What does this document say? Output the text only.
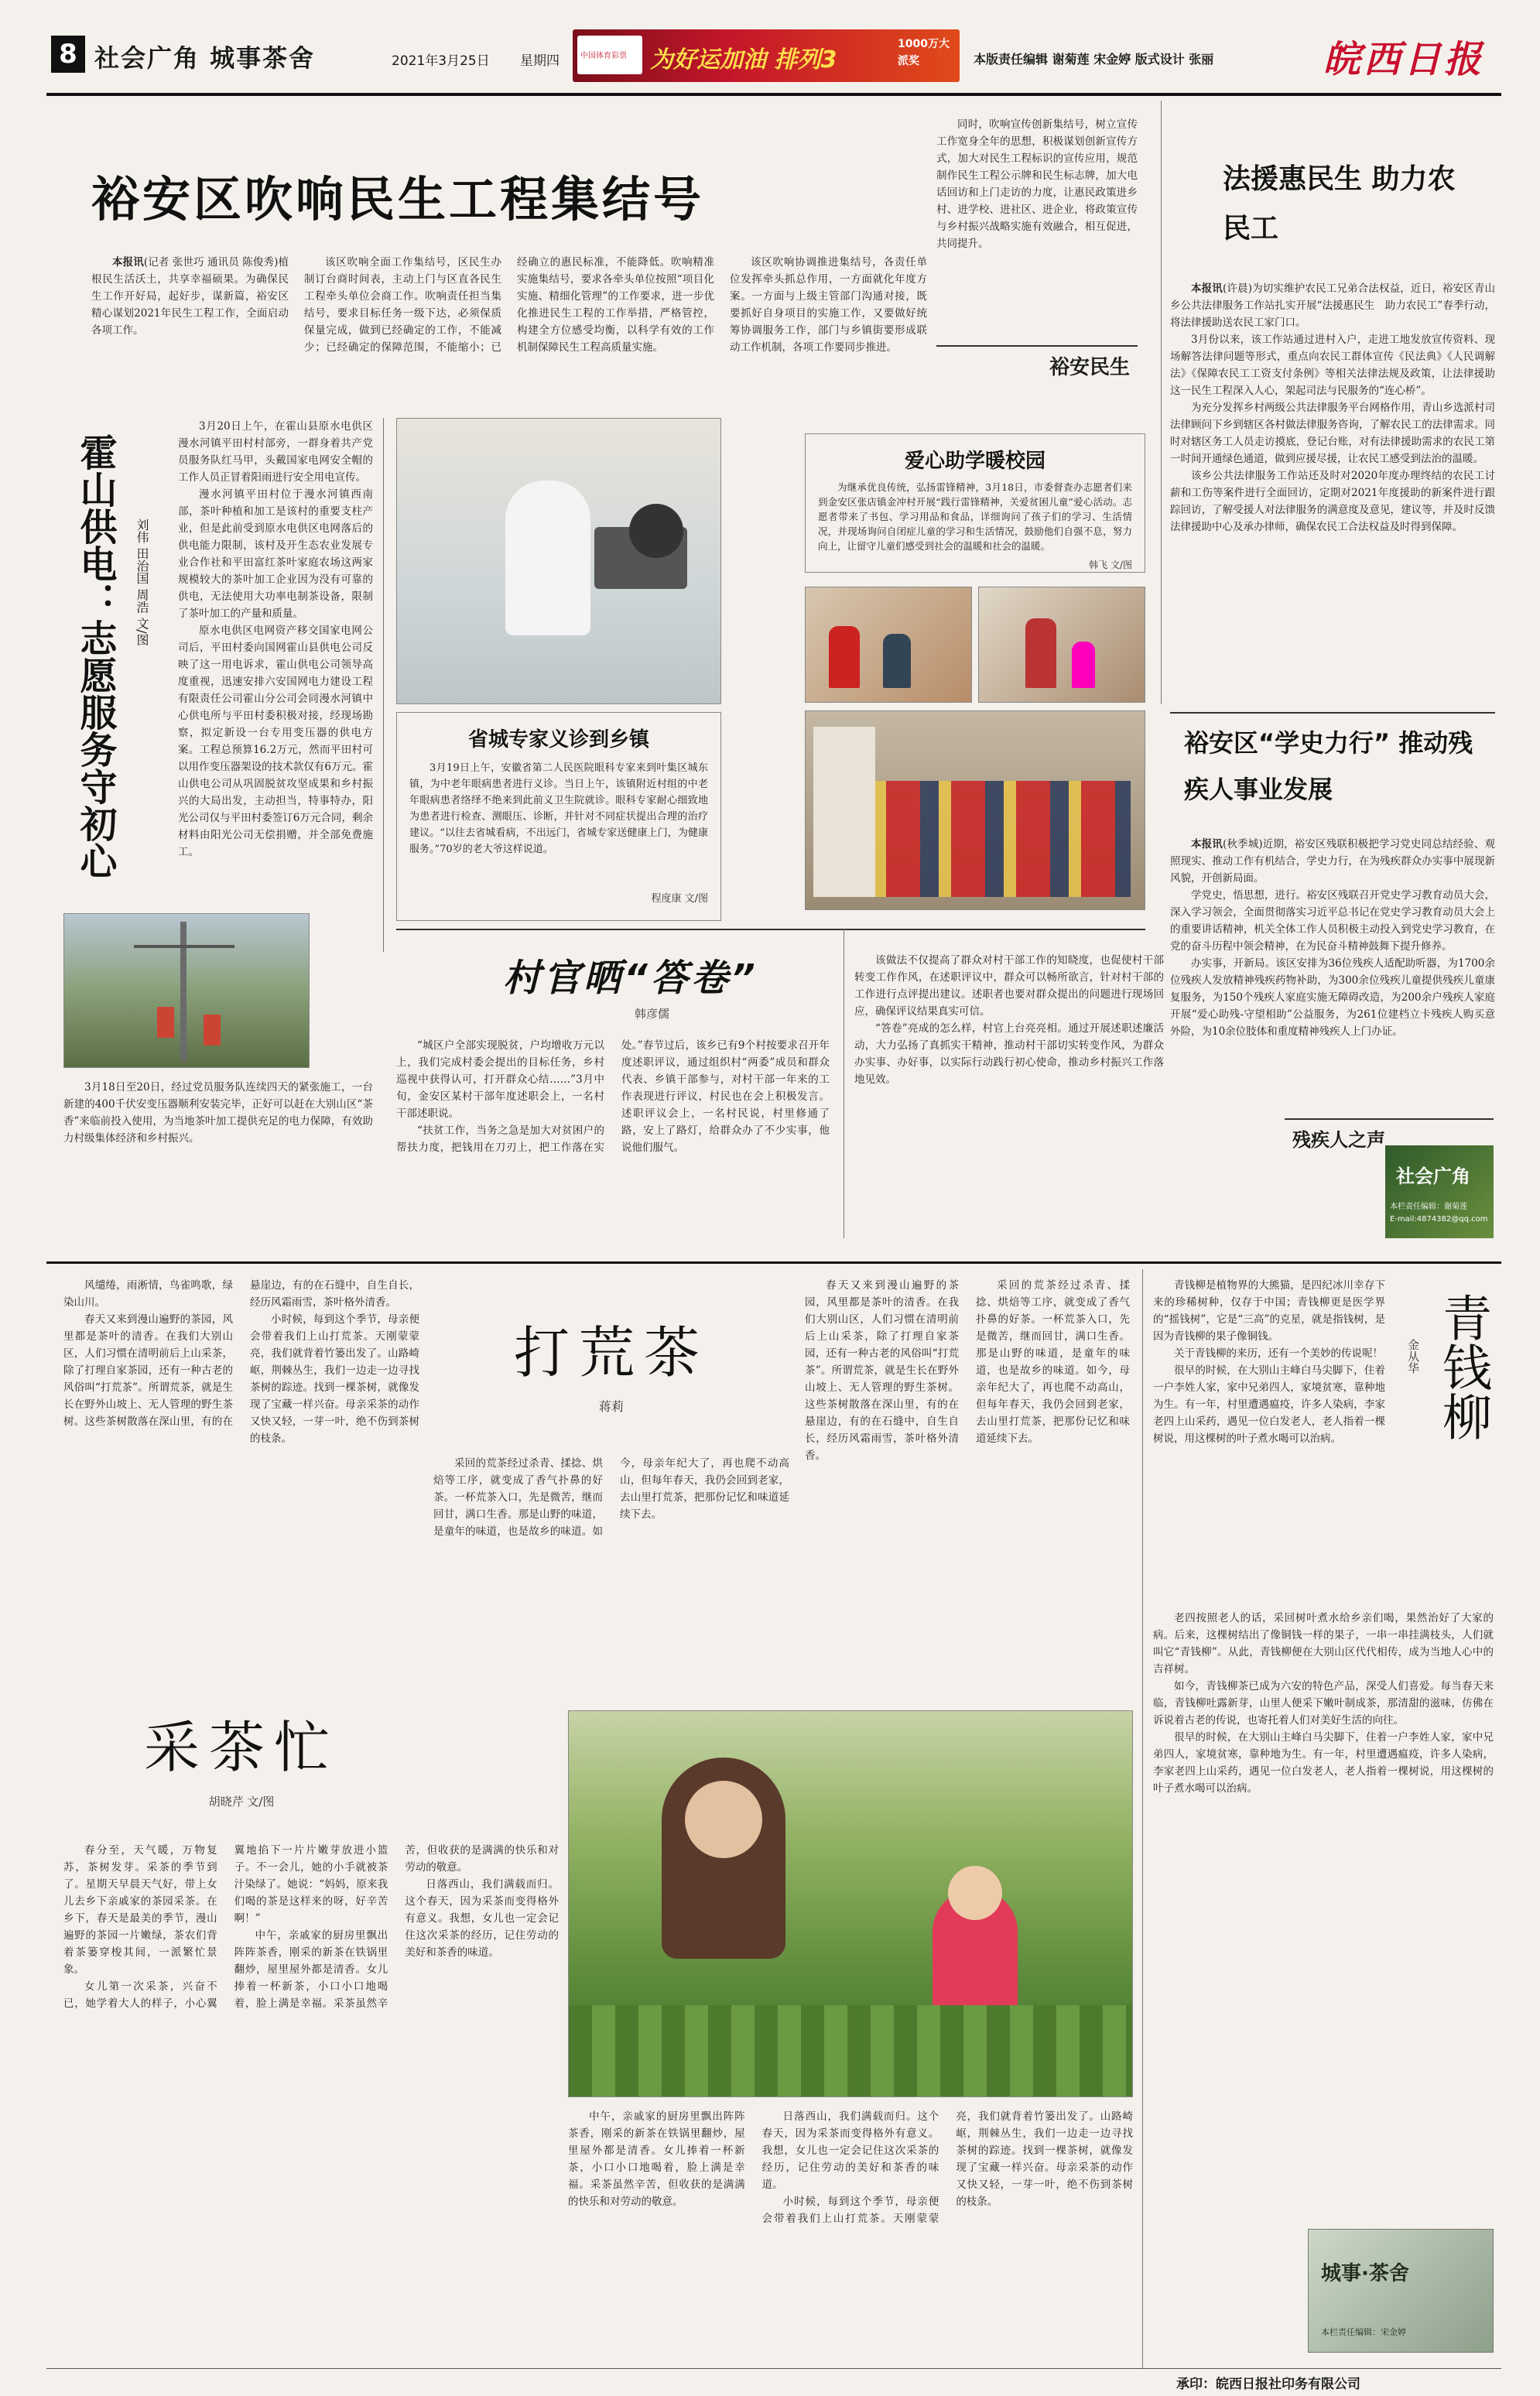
8 社会广角 城事茶舍	2021年3月25日 星期四	中国体育彩票 为好运加油 排列3
1000万大派奖	本版责任编辑 谢菊莲 宋金婷 版式设计 张丽	皖西日报
裕安区吹响民生工程集结号

本报讯(记者 张世巧 通讯员 陈俊秀)植根民生活沃土，共享幸福硕果。为确保民生工作开好局，起好步，谋新篇，裕安区精心谋划2021年民生工程工作，全面启动各项工作。

该区吹响全面工作集结号，区民生办制订台商时间表，主动上门与区直各民生工程牵头单位会商工作。吹响责任担当集结号，要求目标任务一级下达，必须保质保量完成，做到已经确定的工作，不能减少；已经确定的保障范围，不能缩小；已经确立的惠民标准，不能降低。吹响精准实施集结号，要求各牵头单位按照“项目化实施、精细化管理”的工作要求，进一步优化推进民生工程的工作举措，严格管控，构建全方位感受均衡，以科学有效的工作机制保障民生工程高质量实施。

该区吹响协调推进集结号，各责任单位发挥牵头抓总作用，一方面就化年度方案。一方面与上级主管部门沟通对接，既要抓好自身项目的实施工作，又要做好统筹协调服务工作，部门与乡镇街要形成联动工作机制，各项工作要同步推进。

同时，吹响宣传创新集结号，树立宣传工作宽身全年的思想，积极谋划创新宣传方式，加大对民生工程标识的宣传应用，规范制作民生工程公示牌和民生标志牌，加大电话回访和上门走访的力度，让惠民政策进乡村、进学校、进社区、进企业，将政策宣传与乡村振兴战略实施有效融合，相互促进，共同提升。

裕安民生
法援惠民生 助力农民工

本报讯(许晨)为切实维护农民工兄弟合法权益，近日，裕安区青山乡公共法律服务工作站扎实开展“法援惠民生　助力农民工”春季行动，将法律援助送农民工家门口。

3月份以来，该工作站通过进村入户，走进工地发放宣传资料、现场解答法律问题等形式，重点向农民工群体宣传《民法典》《人民调解法》《保障农民工工资支付条例》等相关法律法规及政策，让法律援助这一民生工程深入人心，架起司法与民服务的“连心桥”。

为充分发挥乡村两级公共法律服务平台网格作用，青山乡选派村司法律顾问下乡到辖区各村做法律服务咨询，了解农民工的法律需求。同时对辖区务工人员走访摸底，登记台账，对有法律援助需求的农民工第一时间开通绿色通道，做到应援尽援，让农民工感受到法治的温暖。

该乡公共法律服务工作站还及时对2020年度办理终结的农民工讨薪和工伤等案件进行全面回访，定期对2021年度援助的新案件进行跟踪回访，了解受援人对法律服务的满意度及意见，建议等，并及时反馈法律援助中心及承办律师，确保农民工合法权益及时得到保障。

裕安区“学史力行” 推动残疾人事业发展

本报讯(秋季城)近期，裕安区残联积极把学习党史同总结经验、观照现实、推动工作有机结合，学史力行，在为残疾群众办实事中展现新风貌，开创新局面。

学党史，悟思想，进行。裕安区残联召开党史学习教育动员大会，深入学习领会，全面贯彻落实习近平总书记在党史学习教育动员大会上的重要讲话精神，机关全体工作人员积极主动投入到党史学习教育，在党的奋斗历程中领会精神，在为民奋斗精神鼓舞下提升修养。

办实事，开新局。该区安排为36位残疾人适配助听器，为1700余位残疾人发放精神残疾药物补助，为300余位残疾儿童提供残疾儿童康复服务，为150个残疾人家庭实施无障碍改造，为200余户残疾人家庭开展“爱心助残-守望相助”公益服务，为261位建档立卡残疾人购买意外险，为10余位肢体和重度精神残疾人上门办证。

残疾人之声
社会广角
本栏责任编辑：谢菊莲
E-mail:4874382@qq.com
霍山供电：志愿服务守初心	刘伟 田治国 周浩 文/图

3月20日上午，在霍山县原水电供区漫水河镇平田村村部旁，一群身着共产党员服务队红马甲，头戴国家电网安全帽的工作人员正冒着阳雨进行安全用电宣传。

漫水河镇平田村位于漫水河镇西南部，茶叶种植和加工是该村的重要支柱产业，但是此前受到原水电供区电网落后的供电能力限制，该村及开生态农业发展专业合作社和平田富红茶叶家庭农场这两家规模较大的茶叶加工企业因为没有可靠的供电，无法使用大功率电制茶设备，限制了茶叶加工的产量和质量。

原水电供区电网资产移交国家电网公司后，平田村委向国网霍山县供电公司反映了这一用电诉求，霍山供电公司领导高度重视，迅速安排六安国网电力建设工程有限责任公司霍山分公司会同漫水河镇中心供电所与平田村委积极对接，经现场勘察，拟定新设一台专用变压器的供电方案。工程总预算16.2万元，然而平田村可以用作变压器架设的技术款仅有6万元。霍山供电公司从巩固脱贫攻坚成果和乡村振兴的大局出发，主动担当，特事特办，阳光公司仅与平田村委签订6万元合同，剩余材料由阳光公司无偿捐赠，并全部免费施工。

3月18日至20日，经过党员服务队连续四天的紧张施工，一台新建的400千伏安变压器顺利安装完毕，正好可以赶在大别山区“茶香”来临前投入使用，为当地茶叶加工提供充足的电力保障，有效助力村级集体经济和乡村振兴。

省城专家义诊到乡镇
3月19日上午，安徽省第二人民医院眼科专家来到叶集区城东镇，为中老年眼病患者进行义诊。当日上午，该镇附近村组的中老年眼病患者络绎不绝来到此前义卫生院就诊。眼科专家耐心细致地为患者进行检查、测眼压、诊断，并针对不同症状提出合理的治疗建议。“以往去省城看病，不出远门，省城专家送健康上门，为健康服务。”70岁的老大爷这样说道。
程度康 文/图
爱心助学暖校园
为继承优良传统，弘扬雷锋精神，3月18日，市委督查办志愿者们来到金安区张店镇金冲村开展“践行雷锋精神，关爱贫困儿童”爱心活动。志愿者带来了书包、学习用品和食品，详细询问了孩子们的学习、生活情况，并现场询问自闭症儿童的学习和生活情况，鼓励他们自强不息，努力向上，让留守儿童们感受到社会的温暖和社会的温暖。
韩飞 文/图
村官晒“答卷”
韩彦儒

“城区户全部实现脱贫，户均增收万元以上，我们完成村委会提出的目标任务，乡村巡视中获得认可，打开群众心结……”3月中旬，金安区某村干部年度述职会上，一名村干部述职说。

“扶贫工作，当务之急是加大对贫困户的帮扶力度，把钱用在刀刃上，把工作落在实处。”春节过后，该乡已有9个村按要求召开年度述职评议，通过组织村“两委”成员和群众代表、乡镇干部参与，对村干部一年来的工作表现进行评议，村民也在会上积极发言。述职评议会上，一名村民说，村里修通了路，安上了路灯，给群众办了不少实事，他说他们服气。

该做法不仅提高了群众对村干部工作的知晓度，也促使村干部转变工作作风，在述职评议中，群众可以畅所欲言，针对村干部的工作进行点评提出建议。述职者也要对群众提出的问题进行现场回应，确保评议结果真实可信。

“答卷”亮成的怎么样，村官上台亮亮相。通过开展述职述廉活动，大力弘扬了真抓实干精神，推动村干部切实转变作风，为群众办实事、办好事，以实际行动践行初心使命，推动乡村振兴工作落地见效。

风缱绻，雨淅情，鸟雀鸣歌，绿染山川。

春天又来到漫山遍野的茶园，风里都是茶叶的清香。在我们大别山区，人们习惯在清明前后上山采茶，除了打理自家茶园，还有一种古老的风俗叫“打荒茶”。所谓荒茶，就是生长在野外山坡上、无人管理的野生茶树。这些茶树散落在深山里，有的在悬崖边，有的在石缝中，自生自长，经历风霜雨雪，茶叶格外清香。

小时候，每到这个季节，母亲便会带着我们上山打荒茶。天刚蒙蒙亮，我们就背着竹篓出发了。山路崎岖，荆棘丛生，我们一边走一边寻找茶树的踪迹。找到一棵茶树，就像发现了宝藏一样兴奋。母亲采茶的动作又快又轻，一芽一叶，绝不伤到茶树的枝条。

打荒茶
蒋莉

采回的荒茶经过杀青、揉捻、烘焙等工序，就变成了香气扑鼻的好茶。一杯荒茶入口，先是微苦，继而回甘，满口生香。那是山野的味道，是童年的味道，也是故乡的味道。如今，母亲年纪大了，再也爬不动高山，但每年春天，我仍会回到老家，去山里打荒茶，把那份记忆和味道延续下去。

春天又来到漫山遍野的茶园，风里都是茶叶的清香。在我们大别山区，人们习惯在清明前后上山采茶，除了打理自家茶园，还有一种古老的风俗叫“打荒茶”。所谓荒茶，就是生长在野外山坡上、无人管理的野生茶树。这些茶树散落在深山里，有的在悬崖边，有的在石缝中，自生自长，经历风霜雨雪，茶叶格外清香。

采回的荒茶经过杀青、揉捻、烘焙等工序，就变成了香气扑鼻的好茶。一杯荒茶入口，先是微苦，继而回甘，满口生香。那是山野的味道，是童年的味道，也是故乡的味道。如今，母亲年纪大了，再也爬不动高山，但每年春天，我仍会回到老家，去山里打荒茶，把那份记忆和味道延续下去。

青钱柳是植物界的大熊猫，是四纪冰川幸存下来的珍稀树种，仅存于中国；青钱柳更是医学界的“摇钱树”，它是“三高”的克星，就是指钱树，是因为青钱柳的果子像铜钱。

关于青钱柳的来历，还有一个美妙的传说呢！

很早的时候，在大别山主峰白马尖脚下，住着一户李姓人家，家中兄弟四人，家境贫寒，靠种地为生。有一年，村里遭遇瘟疫，许多人染病，李家老四上山采药，遇见一位白发老人，老人指着一棵树说，用这棵树的叶子煮水喝可以治病。	青钱柳
金从华

老四按照老人的话，采回树叶煮水给乡亲们喝，果然治好了大家的病。后来，这棵树结出了像铜钱一样的果子，一串一串挂满枝头，人们就叫它“青钱柳”。从此，青钱柳便在大别山区代代相传，成为当地人心中的吉祥树。

如今，青钱柳茶已成为六安的特色产品，深受人们喜爱。每当春天来临，青钱柳吐露新芽，山里人便采下嫩叶制成茶，那清甜的滋味，仿佛在诉说着古老的传说，也寄托着人们对美好生活的向往。

很早的时候，在大别山主峰白马尖脚下，住着一户李姓人家，家中兄弟四人，家境贫寒，靠种地为生。有一年，村里遭遇瘟疫，许多人染病，李家老四上山采药，遇见一位白发老人，老人指着一棵树说，用这棵树的叶子煮水喝可以治病。

城事·茶舍
本栏责任编辑：宋金婷
采茶忙
胡晓芹 文/图

春分至，天气暖，万物复苏，茶树发芽。采茶的季节到了。星期天早晨天气好，带上女儿去乡下亲戚家的茶园采茶。在乡下，春天是最美的季节，漫山遍野的茶园一片嫩绿，茶农们背着茶篓穿梭其间，一派繁忙景象。

女儿第一次采茶，兴奋不已，她学着大人的样子，小心翼翼地掐下一片片嫩芽放进小篮子。不一会儿，她的小手就被茶汁染绿了。她说：“妈妈，原来我们喝的茶是这样来的呀，好辛苦啊！”

中午，亲戚家的厨房里飘出阵阵茶香，刚采的新茶在铁锅里翻炒，屋里屋外都是清香。女儿捧着一杯新茶，小口小口地喝着，脸上满是幸福。采茶虽然辛苦，但收获的是满满的快乐和对劳动的敬意。

日落西山，我们满载而归。这个春天，因为采茶而变得格外有意义。我想，女儿也一定会记住这次采茶的经历，记住劳动的美好和茶香的味道。

中午，亲戚家的厨房里飘出阵阵茶香，刚采的新茶在铁锅里翻炒，屋里屋外都是清香。女儿捧着一杯新茶，小口小口地喝着，脸上满是幸福。采茶虽然辛苦，但收获的是满满的快乐和对劳动的敬意。

日落西山，我们满载而归。这个春天，因为采茶而变得格外有意义。我想，女儿也一定会记住这次采茶的经历，记住劳动的美好和茶香的味道。

小时候，每到这个季节，母亲便会带着我们上山打荒茶。天刚蒙蒙亮，我们就背着竹篓出发了。山路崎岖，荆棘丛生，我们一边走一边寻找茶树的踪迹。找到一棵茶树，就像发现了宝藏一样兴奋。母亲采茶的动作又快又轻，一芽一叶，绝不伤到茶树的枝条。

承印：皖西日报社印务有限公司
